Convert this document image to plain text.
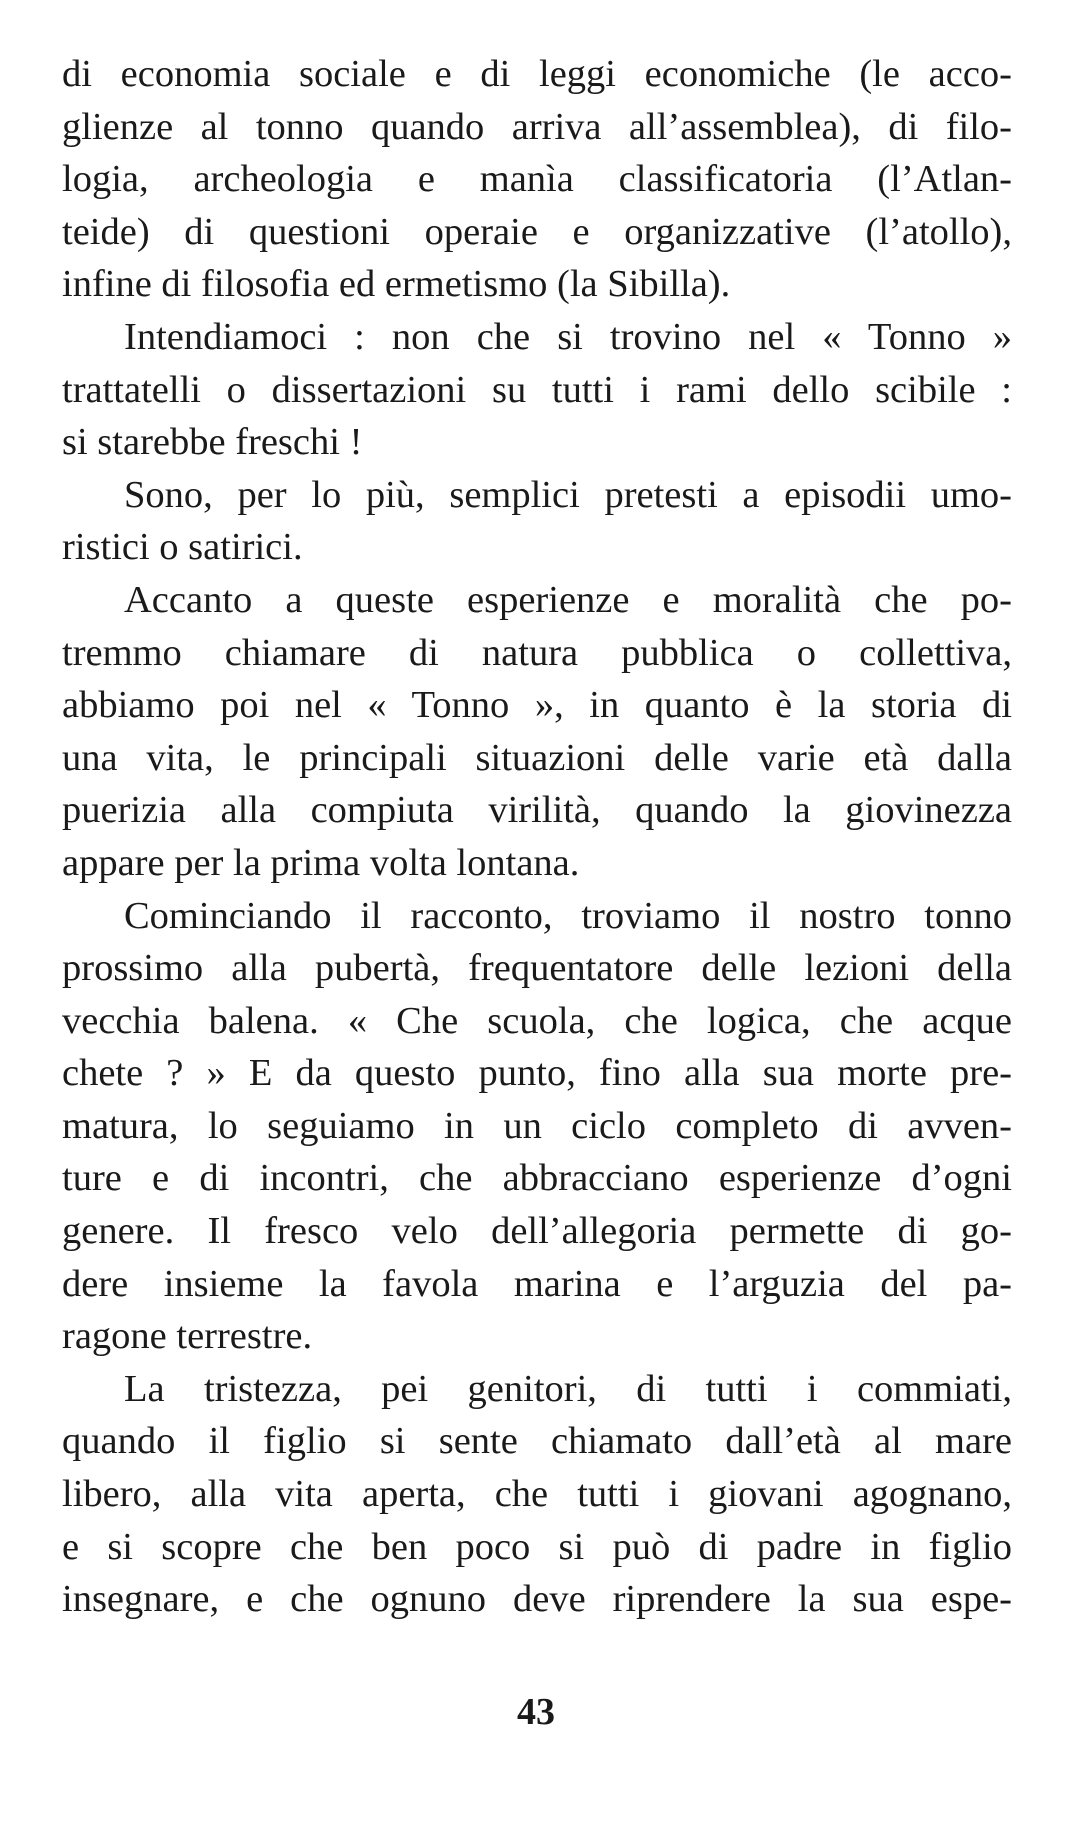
di economia sociale e di leggi economiche (le acco-
glienze al tonno quando arriva all’assemblea), di filo-
logia, archeologia e manìa classificatoria (l’Atlan-
teide) di questioni operaie e organizzative (l’atollo),
infine di filosofia ed ermetismo (la Sibilla).

Intendiamoci : non che si trovino nel « Tonno »
trattatelli o dissertazioni su tutti i rami dello scibile :
si starebbe freschi !

Sono, per lo più, semplici pretesti a episodii umo-
ristici o satirici.

Accanto a queste esperienze e moralità che po-
tremmo chiamare di natura pubblica o collettiva,
abbiamo poi nel « Tonno », in quanto è la storia di
una vita, le principali situazioni delle varie età dalla
puerizia alla compiuta virilità, quando la giovinezza
appare per la prima volta lontana.

Cominciando il racconto, troviamo il nostro tonno
prossimo alla pubertà, frequentatore delle lezioni della
vecchia balena. « Che scuola, che logica, che acque
chete ? » E da questo punto, fino alla sua morte pre-
matura, lo seguiamo in un ciclo completo di avven-
ture e di incontri, che abbracciano esperienze d’ogni
genere. Il fresco velo dell’allegoria permette di go-
dere insieme la favola marina e l’arguzia del pa-
ragone terrestre.

La tristezza, pei genitori, di tutti i commiati,
quando il figlio si sente chiamato dall’età al mare
libero, alla vita aperta, che tutti i giovani agognano,
e si scopre che ben poco si può di padre in figlio
insegnare, e che ognuno deve riprendere la sua espe-

43
